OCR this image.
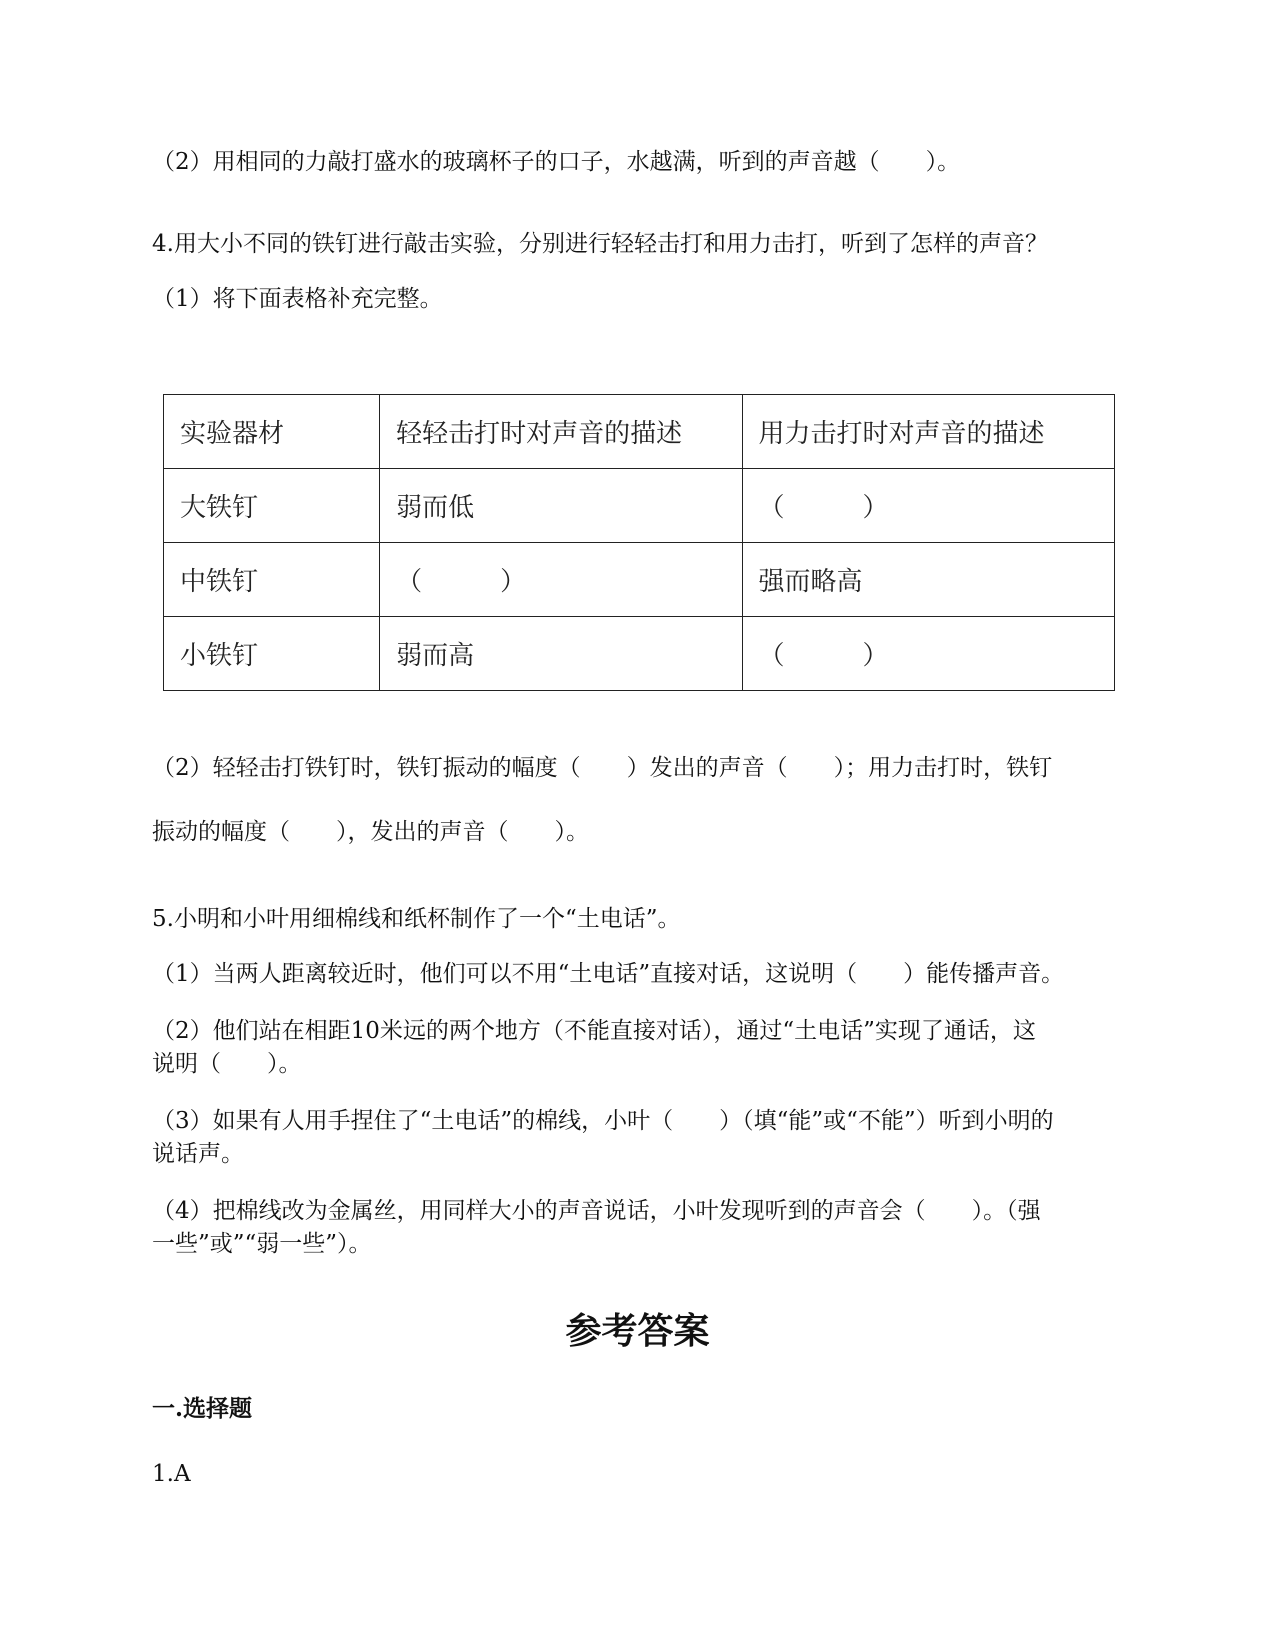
（2）用相同的力敲打盛水的玻璃杯子的口子，水越满，听到的声音越（　　）。
4.用大小不同的铁钉进行敲击实验，分别进行轻轻击打和用力击打，听到了怎样的声音？
（1）将下面表格补充完整。
实验器材	轻轻击打时对声音的描述	用力击打时对声音的描述
大铁钉	弱而低	（　　　）
中铁钉	（　　　）	强而略高
小铁钉	弱而高	（　　　）
（2）轻轻击打铁钉时，铁钉振动的幅度（　　）发出的声音（　　）；用力击打时，铁钉
振动的幅度（　　），发出的声音（　　）。
5.小明和小叶用细棉线和纸杯制作了一个“土电话”。
（1）当两人距离较近时，他们可以不用“土电话”直接对话，这说明（　　）能传播声音。
（2）他们站在相距10米远的两个地方（不能直接对话），通过“土电话”实现了通话，这
说明（　　）。
（3）如果有人用手捏住了“土电话”的棉线，小叶（　　）（填“能”或“不能”）听到小明的
说话声。
（4）把棉线改为金属丝，用同样大小的声音说话，小叶发现听到的声音会（　　）。（强
一些”或”“弱一些”）。
参考答案
一.选择题
1.A
